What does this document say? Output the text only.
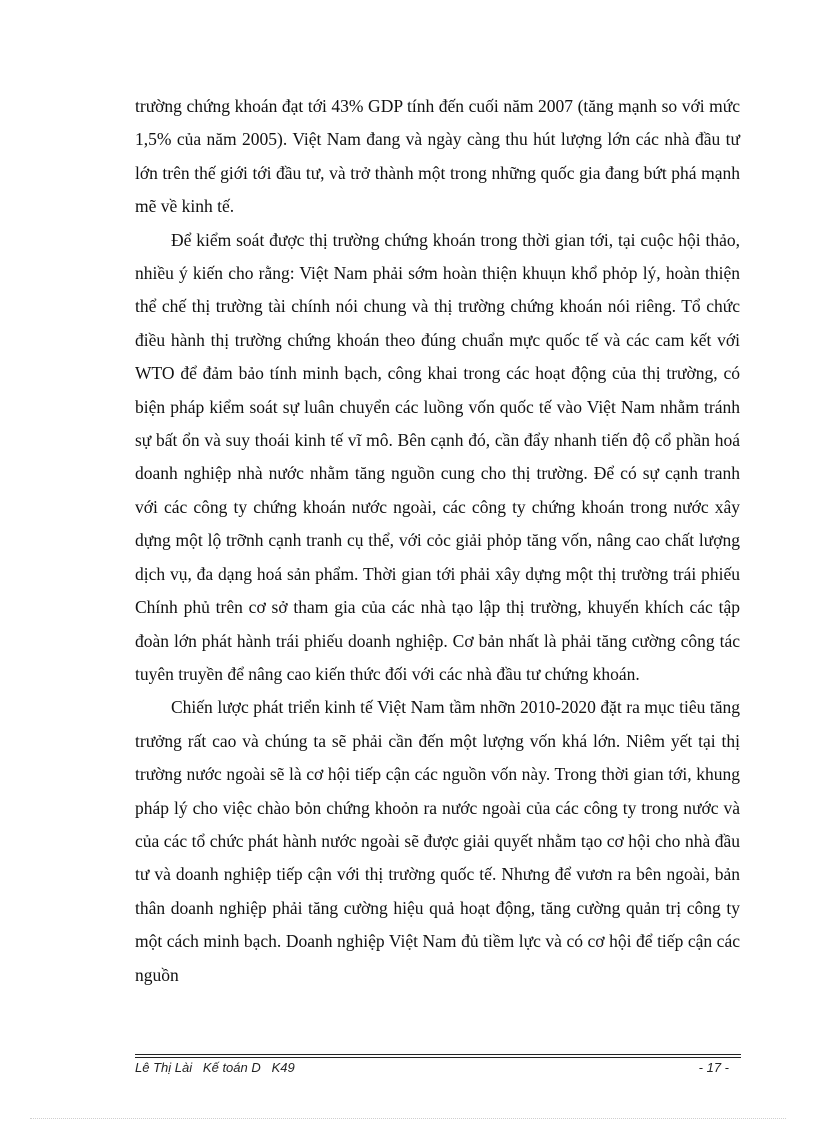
trường chứng khoán đạt tới 43% GDP tính đến cuối năm 2007 (tăng mạnh so với mức 1,5% của năm 2005). Việt Nam đang và ngày càng thu hút lượng lớn các nhà đầu tư lớn trên thế giới tới đầu tư, và trở thành một trong những quốc gia đang bứt phá mạnh mẽ về kinh tế.

Để kiểm soát được thị trường chứng khoán trong thời gian tới, tại cuộc hội thảo, nhiều ý kiến cho rằng: Việt Nam phải sớm hoàn thiện khuụn khổ phỏp lý, hoàn thiện thể chế thị trường tài chính nói chung và thị trường chứng khoán nói riêng. Tổ chức điều hành thị trường chứng khoán theo đúng chuẩn mực quốc tế và các cam kết với WTO để đảm bảo tính minh bạch, công khai trong các hoạt động của thị trường, có biện pháp kiểm soát sự luân chuyển các luồng vốn quốc tế vào Việt Nam nhằm tránh sự bất ổn và suy thoái kinh tế vĩ mô. Bên cạnh đó, cần đẩy nhanh tiến độ cổ phần hoá doanh nghiệp nhà nước nhằm tăng nguồn cung cho thị trường. Để có sự cạnh tranh với các công ty chứng khoán nước ngoài, các công ty chứng khoán trong nước xây dựng một lộ trỡnh cạnh tranh cụ thể, với cỏc giải phỏp tăng vốn, nâng cao chất lượng dịch vụ, đa dạng hoá sản phẩm. Thời gian tới phải xây dựng một thị trường trái phiếu Chính phủ trên cơ sở tham gia của các nhà tạo lập thị trường, khuyến khích các tập đoàn lớn phát hành trái phiếu doanh nghiệp. Cơ bản nhất là phải tăng cường công tác tuyên truyền để nâng cao kiến thức đối với các nhà đầu tư chứng khoán.

Chiến lược phát triển kinh tế Việt Nam tầm nhỡn 2010-2020 đặt ra mục tiêu tăng trưởng rất cao và chúng ta sẽ phải cần đến một lượng vốn khá lớn. Niêm yết tại thị trường nước ngoài sẽ là cơ hội tiếp cận các nguồn vốn này. Trong thời gian tới, khung pháp lý cho việc chào bỏn chứng khoỏn ra nước ngoài của các công ty trong nước và của các tổ chức phát hành nước ngoài sẽ được giải quyết nhằm tạo cơ hội cho nhà đầu tư và doanh nghiệp tiếp cận với thị trường quốc tế. Nhưng để vươn ra bên ngoài, bản thân doanh nghiệp phải tăng cường hiệu quả hoạt động, tăng cường quản trị công ty một cách minh bạch. Doanh nghiệp Việt Nam đủ tiềm lực và có cơ hội để tiếp cận các nguồn

Lê Thị Lài   Kế toán D   K49	- 17 -
